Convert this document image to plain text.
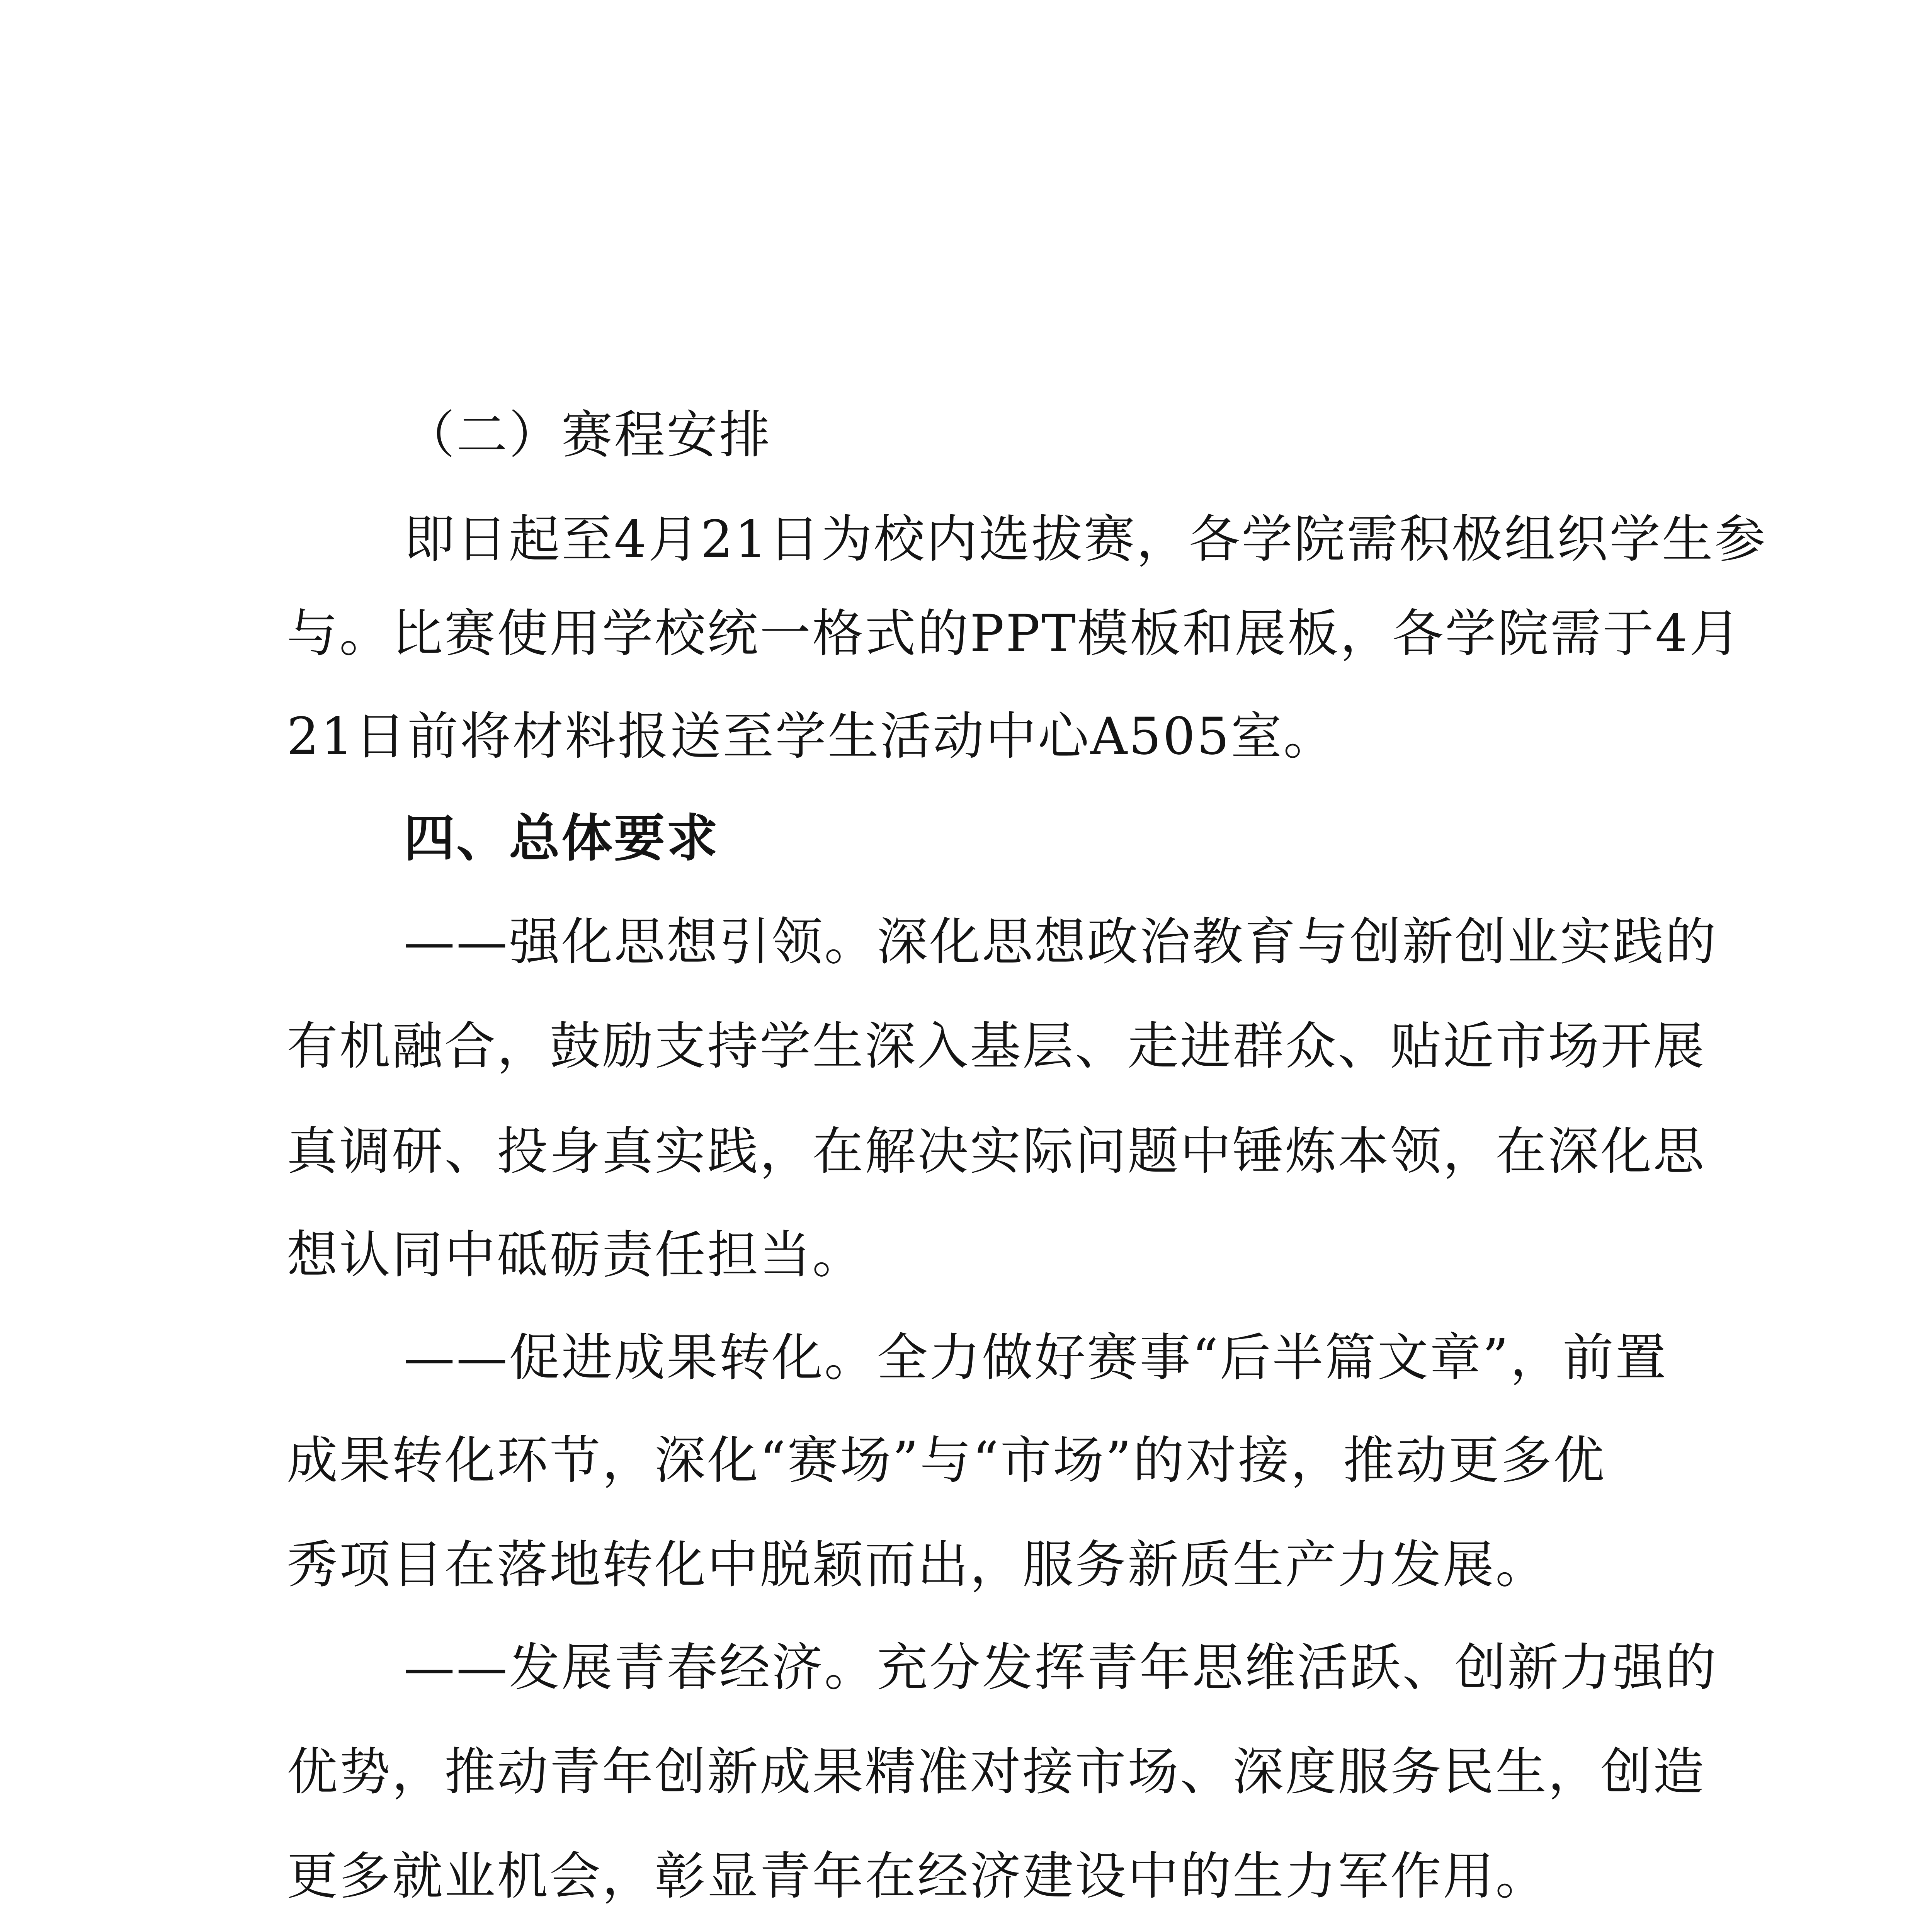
（二）赛程安排
即日起至4月21日为校内选拔赛，各学院需积极组织学生参
与。比赛使用学校统一格式的PPT模板和展板，各学院需于4月
21日前将材料报送至学生活动中心A505室。
四、总体要求
——强化思想引领。深化思想政治教育与创新创业实践的
有机融合，鼓励支持学生深入基层、走进群众、贴近市场开展
真调研、投身真实践，在解决实际问题中锤炼本领，在深化思
想认同中砥砺责任担当。
——促进成果转化。全力做好赛事“后半篇文章”，前置
成果转化环节，深化“赛场”与“市场”的对接，推动更多优
秀项目在落地转化中脱颖而出，服务新质生产力发展。
——发展青春经济。充分发挥青年思维活跃、创新力强的
优势，推动青年创新成果精准对接市场、深度服务民生，创造
更多就业机会，彰显青年在经济建设中的生力军作用。
